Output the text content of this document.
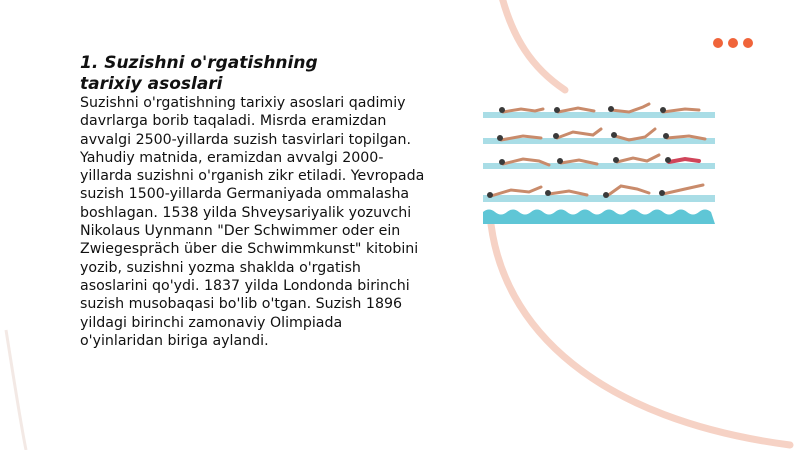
1. Suzishni o'rgatishning tarixiy asoslari

Suzishni o'rgatishning tarixiy asoslari qadimiy davrlarga borib taqaladi. Misrda eramizdan avvalgi 2500-yillarda suzish tasvirlari topilgan. Yahudiy matnida, eramizdan avvalgi 2000-yillarda suzishni o'rganish zikr etiladi. Yevropada suzish 1500-yillarda Germaniyada ommalasha boshlagan. 1538 yilda Shveysariyalik yozuvchi Nikolaus Uynmann "Der Schwimmer oder ein Zwiegespräch über die Schwimmkunst" kitobini yozib, suzishni yozma shaklda o'rgatish asoslarini qo'ydi. 1837 yilda Londonda birinchi suzish musobaqasi bo'lib o'tgan. Suzish 1896 yildagi birinchi zamonaviy Olimpiada o'yinlaridan biriga aylandi.
